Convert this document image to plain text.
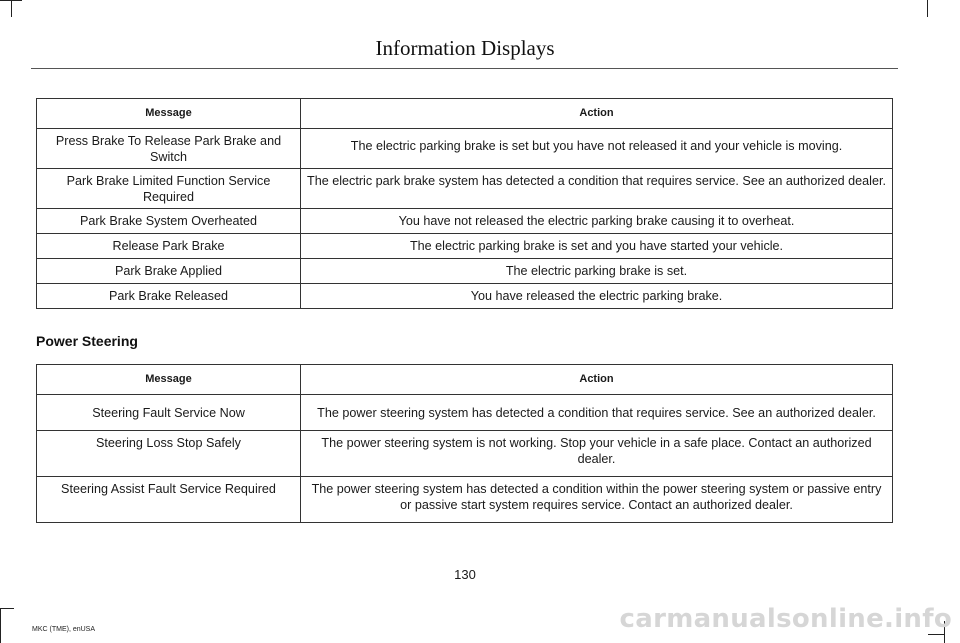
Information Displays
Message	Action
Press Brake To Release Park Brake and Switch	The electric parking brake is set but you have not released it and your vehicle is moving.
Park Brake Limited Function Service Required	The electric park brake system has detected a condition that requires service. See an authorized dealer.
Park Brake System Overheated	You have not released the electric parking brake causing it to overheat.
Release Park Brake	The electric parking brake is set and you have started your vehicle.
Park Brake Applied	The electric parking brake is set.
Park Brake Released	You have released the electric parking brake.
Power Steering
Message	Action
Steering Fault Service Now	The power steering system has detected a condition that requires service. See an authorized dealer.
Steering Loss Stop Safely	The power steering system is not working. Stop your vehicle in a safe place. Contact an authorized dealer.
Steering Assist Fault Service Required	The power steering system has detected a condition within the power steering system or passive entry or passive start system requires service. Contact an authorized dealer.
130
MKC (TME), enUSA	carmanualsonline.info
